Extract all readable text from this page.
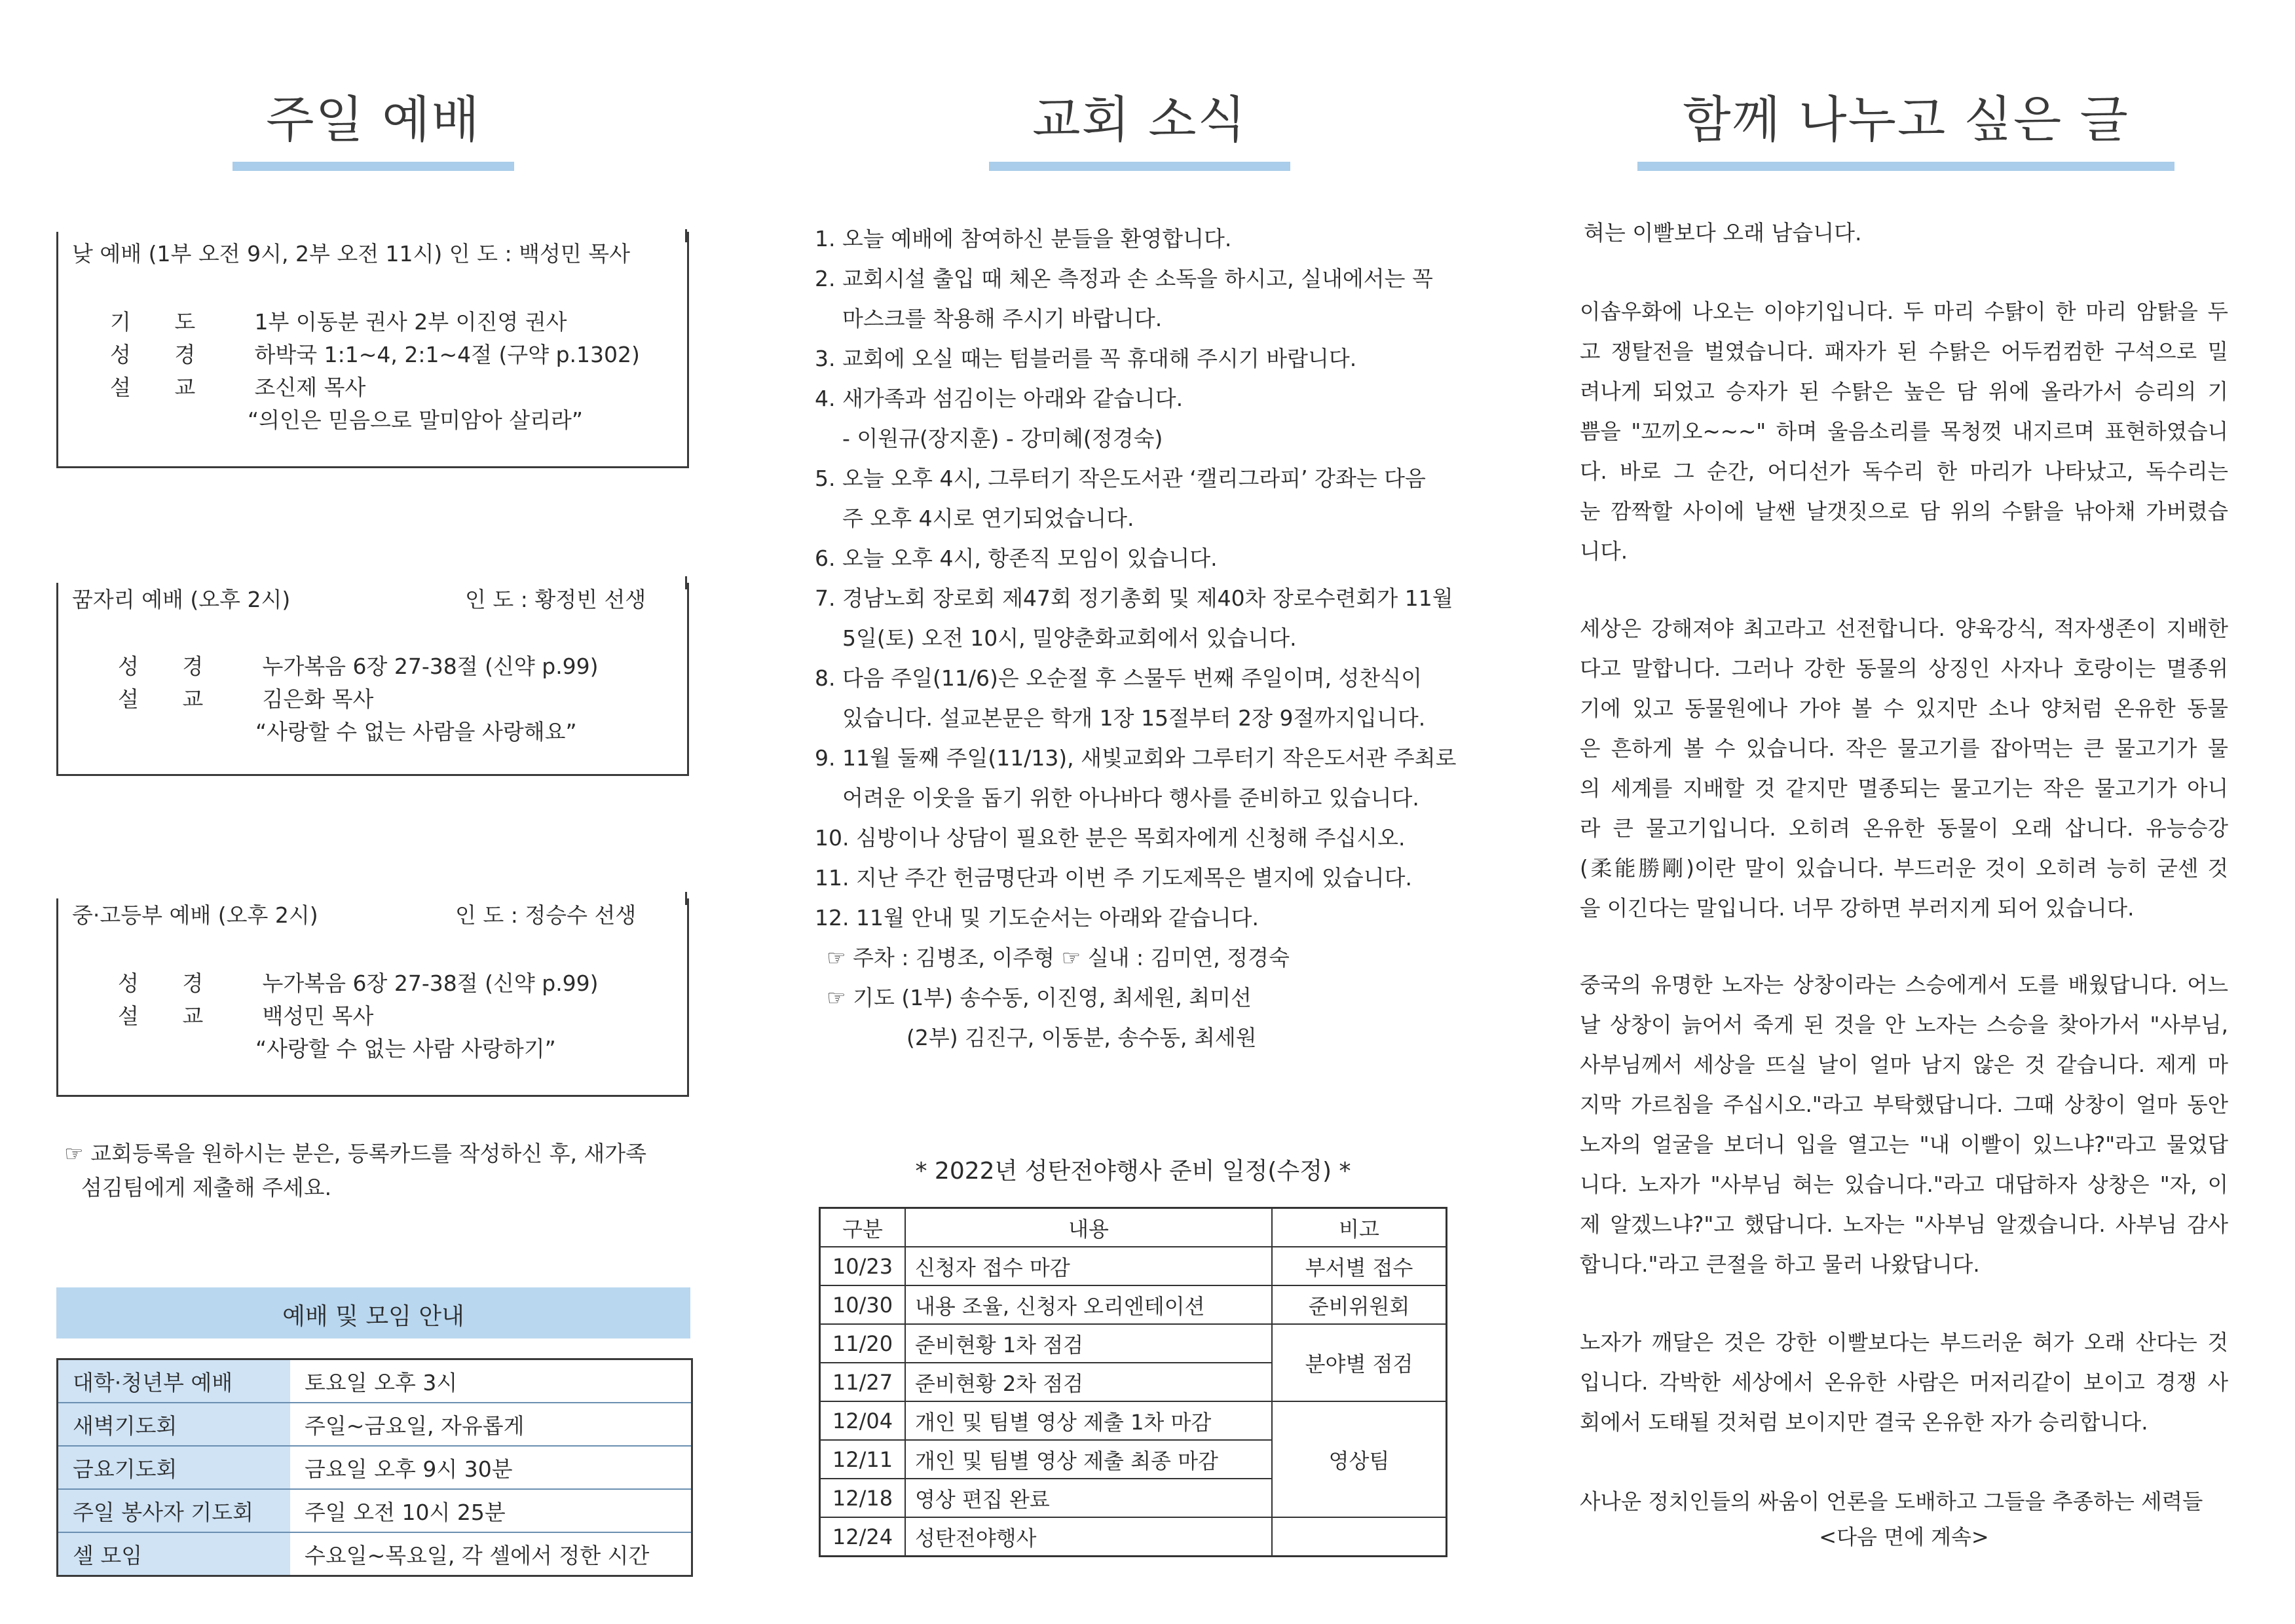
주일 예배
낮 예배 (1부 오전 9시, 2부 오전 11시) 인 도 : 백성민 목사
기 도 1부 이동분 권사 2부 이진영 권사
성 경 하박국 1:1~4, 2:1~4절 (구약 p.1302)
설 교 조신제 목사
“의인은 믿음으로 말미암아 살리라”
꿈자리 예배 (오후 2시)	인 도 : 황정빈 선생
성 경 누가복음 6장 27-38절 (신약 p.99)
설 교 김은화 목사
“사랑할 수 없는 사람을 사랑해요”
중·고등부 예배 (오후 2시)	인 도 : 정승수 선생
성 경 누가복음 6장 27-38절 (신약 p.99)
설 교 백성민 목사
“사랑할 수 없는 사람 사랑하기”
☞ 교회등록을 원하시는 분은, 등록카드를 작성하신 후, 새가족
섬김팀에게 제출해 주세요.
예배 및 모임 안내
대학·청년부 예배	토요일 오후 3시
새벽기도회	주일~금요일, 자유롭게
금요기도회	금요일 오후 9시 30분
주일 봉사자 기도회	주일 오전 10시 25분
셀 모임	수요일~목요일, 각 셀에서 정한 시간
교회 소식
1. 오늘 예배에 참여하신 분들을 환영합니다.
2. 교회시설 출입 때 체온 측정과 손 소독을 하시고, 실내에서는 꼭
마스크를 착용해 주시기 바랍니다.
3. 교회에 오실 때는 텀블러를 꼭 휴대해 주시기 바랍니다.
4. 새가족과 섬김이는 아래와 같습니다.
- 이원규(장지훈) - 강미혜(정경숙)
5. 오늘 오후 4시, 그루터기 작은도서관 ‘캘리그라피’ 강좌는 다음
주 오후 4시로 연기되었습니다.
6. 오늘 오후 4시, 항존직 모임이 있습니다.
7. 경남노회 장로회 제47회 정기총회 및 제40차 장로수련회가 11월
5일(토) 오전 10시, 밀양춘화교회에서 있습니다.
8. 다음 주일(11/6)은 오순절 후 스물두 번째 주일이며, 성찬식이
있습니다. 설교본문은 학개 1장 15절부터 2장 9절까지입니다.
9. 11월 둘째 주일(11/13), 새빛교회와 그루터기 작은도서관 주최로
어려운 이웃을 돕기 위한 아나바다 행사를 준비하고 있습니다.
10. 심방이나 상담이 필요한 분은 목회자에게 신청해 주십시오.
11. 지난 주간 헌금명단과 이번 주 기도제목은 별지에 있습니다.
12. 11월 안내 및 기도순서는 아래와 같습니다.
☞ 주차 : 김병조, 이주형 ☞ 실내 : 김미연, 정경숙
☞ 기도 (1부) 송수동, 이진영, 최세원, 최미선
(2부) 김진구, 이동분, 송수동, 최세원
* 2022년 성탄전야행사 준비 일정(수정) *
구분	내용	비고
10/23	신청자 접수 마감	부서별 접수
10/30	내용 조율, 신청자 오리엔테이션	준비위원회
11/20	준비현황 1차 점검	분야별 점검
11/27	준비현황 2차 점검	
12/04	개인 및 팀별 영상 제출 1차 마감	영상팀
12/11	개인 및 팀별 영상 제출 최종 마감	
12/18	영상 편집 완료	
12/24	성탄전야행사	
함께 나누고 싶은 글
혀는 이빨보다 오래 남습니다.
이솝우화에 나오는 이야기입니다. 두 마리 수탉이 한 마리 암탉을 두
고 쟁탈전을 벌였습니다. 패자가 된 수탉은 어두컴컴한 구석으로 밀
려나게 되었고 승자가 된 수탉은 높은 담 위에 올라가서 승리의 기
쁨을 "꼬끼오~~~" 하며 울음소리를 목청껏 내지르며 표현하였습니
다. 바로 그 순간, 어디선가 독수리 한 마리가 나타났고, 독수리는
눈 깜짝할 사이에 날쌘 날갯짓으로 담 위의 수탉을 낚아채 가버렸습
니다.
세상은 강해져야 최고라고 선전합니다. 양육강식, 적자생존이 지배한
다고 말합니다. 그러나 강한 동물의 상징인 사자나 호랑이는 멸종위
기에 있고 동물원에나 가야 볼 수 있지만 소나 양처럼 온유한 동물
은 흔하게 볼 수 있습니다. 작은 물고기를 잡아먹는 큰 물고기가 물
의 세계를 지배할 것 같지만 멸종되는 물고기는 작은 물고기가 아니
라 큰 물고기입니다. 오히려 온유한 동물이 오래 삽니다. 유능승강
(柔能勝剛)이란 말이 있습니다. 부드러운 것이 오히려 능히 굳센 것
을 이긴다는 말입니다. 너무 강하면 부러지게 되어 있습니다.
중국의 유명한 노자는 상창이라는 스승에게서 도를 배웠답니다. 어느
날 상창이 늙어서 죽게 된 것을 안 노자는 스승을 찾아가서 "사부님,
사부님께서 세상을 뜨실 날이 얼마 남지 않은 것 같습니다. 제게 마
지막 가르침을 주십시오."라고 부탁했답니다. 그때 상창이 얼마 동안
노자의 얼굴을 보더니 입을 열고는 "내 이빨이 있느냐?"라고 물었답
니다. 노자가 "사부님 혀는 있습니다."라고 대답하자 상창은 "자, 이
제 알겠느냐?"고 했답니다. 노자는 "사부님 알겠습니다. 사부님 감사
합니다."라고 큰절을 하고 물러 나왔답니다.
노자가 깨달은 것은 강한 이빨보다는 부드러운 혀가 오래 산다는 것
입니다. 각박한 세상에서 온유한 사람은 머저리같이 보이고 경쟁 사
회에서 도태될 것처럼 보이지만 결국 온유한 자가 승리합니다.
사나운 정치인들의 싸움이 언론을 도배하고 그들을 추종하는 세력들
<다음 면에 계속>
